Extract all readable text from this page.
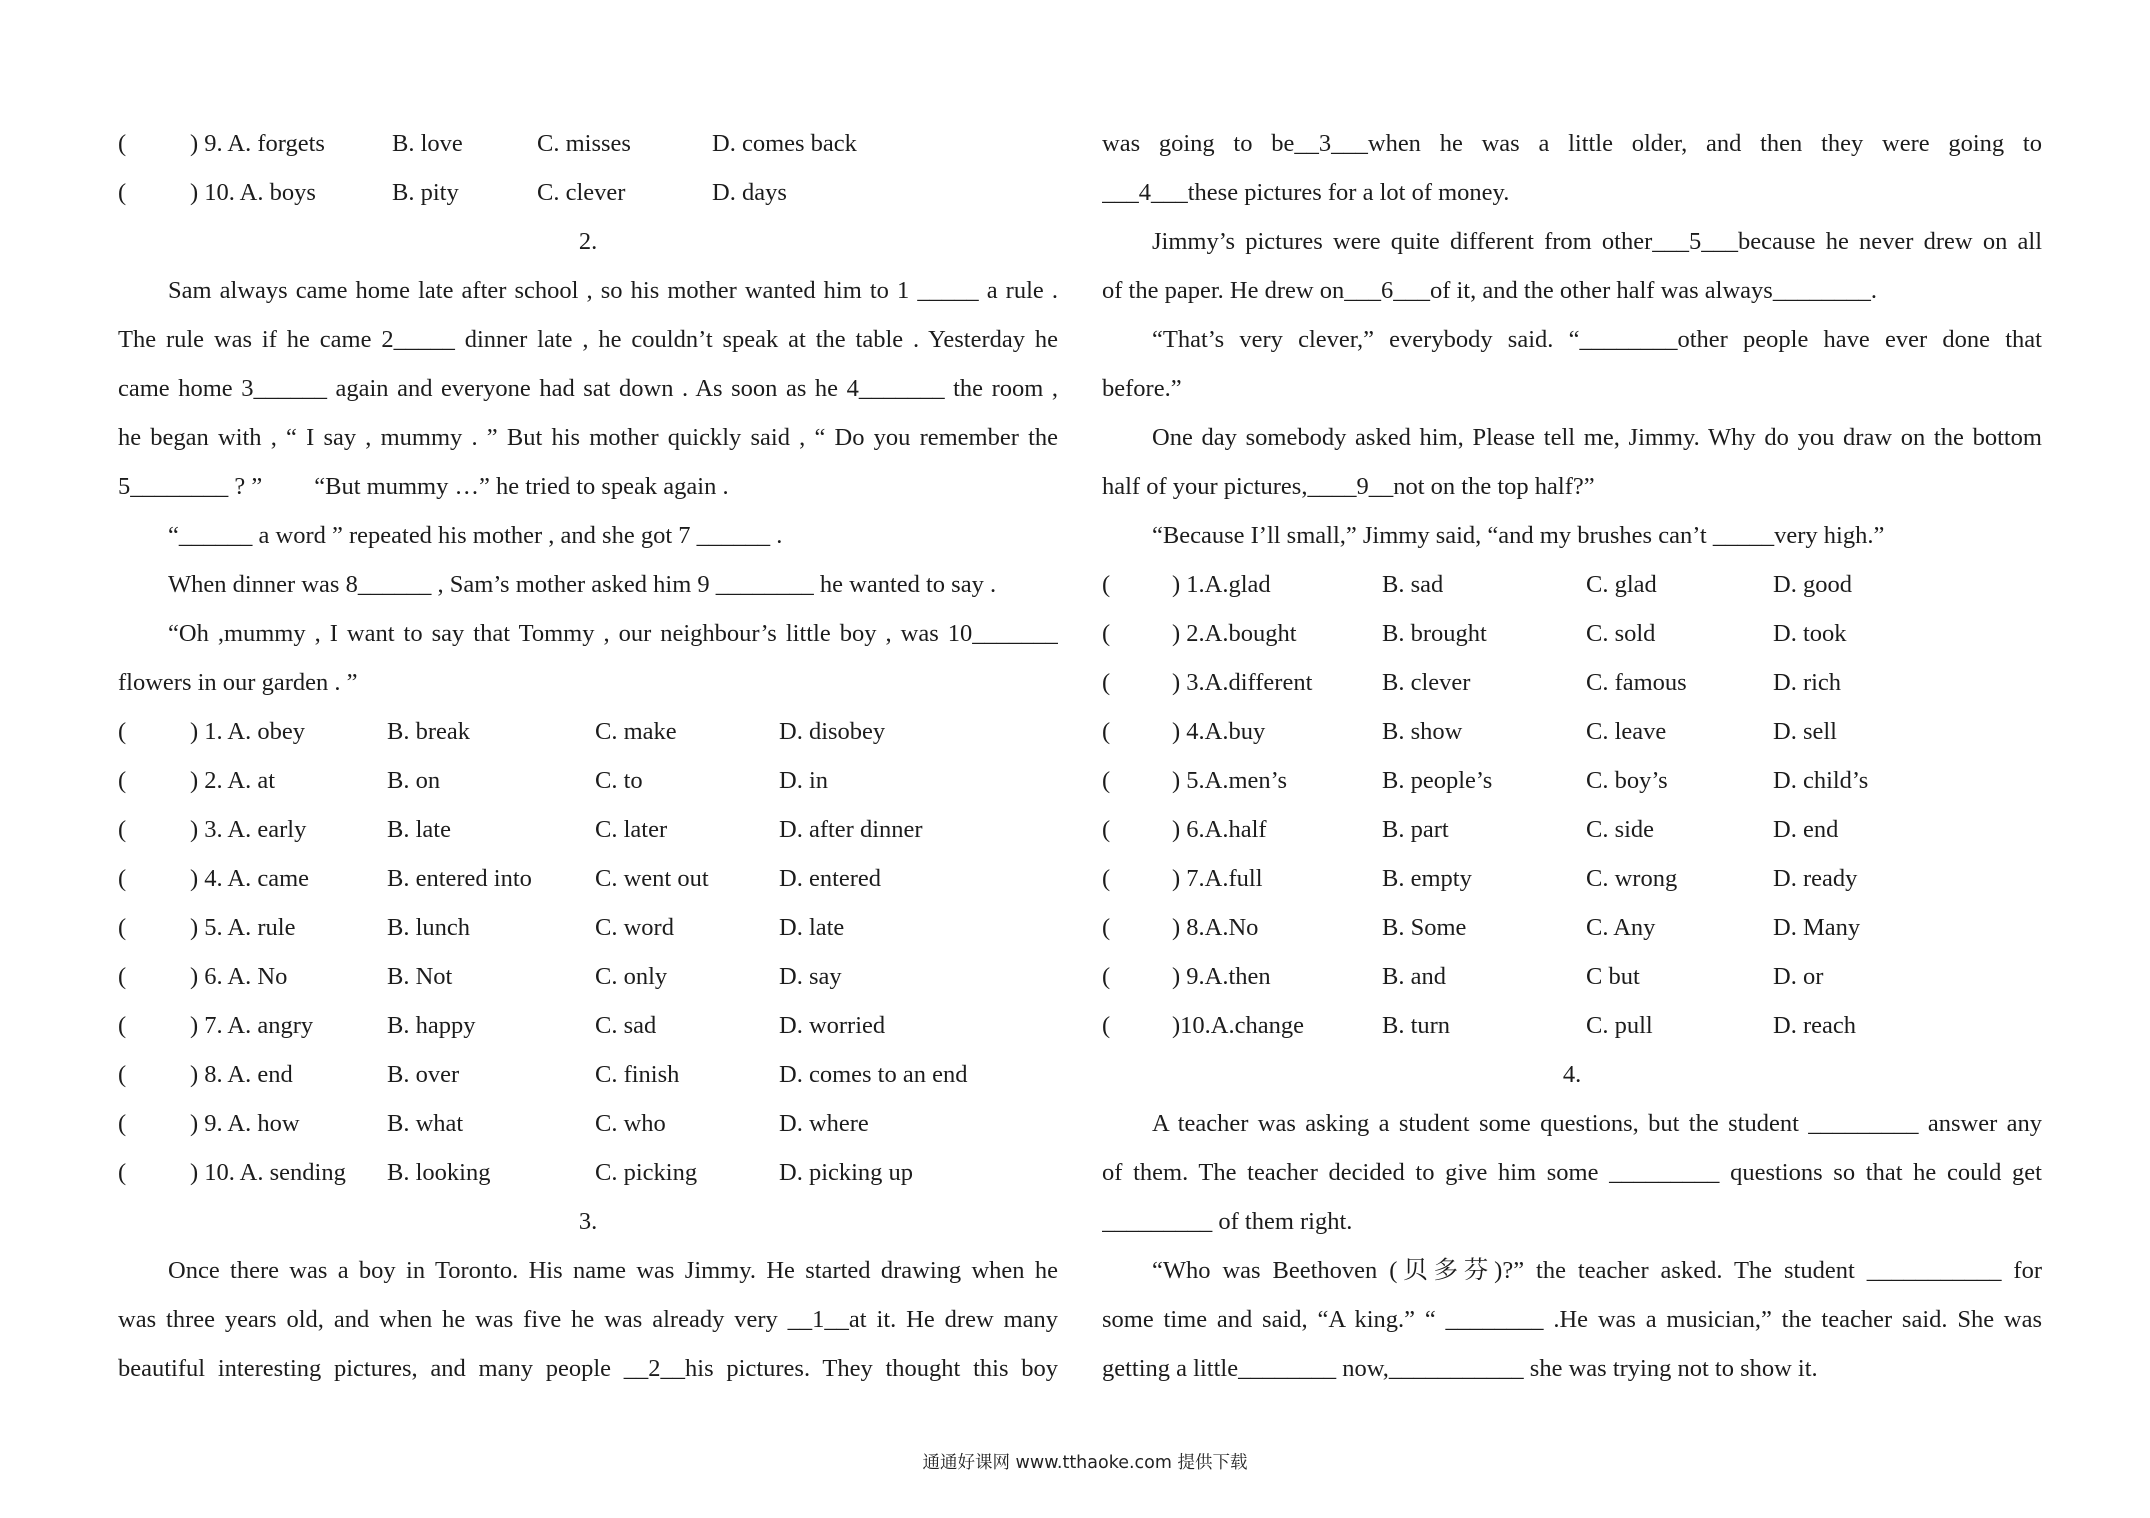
(	) 9. A. forgets	B. love	C. misses	D. comes back
(	) 10. A. boys	B. pity	C. clever	D. days
2.
Sam always came home late after school , so his mother wanted him to 1 _____ a rule .
The rule was if he came 2_____ dinner late , he couldn’t speak at the table . Yesterday he
came home 3______ again and everyone had sat down . As soon as he 4_______ the room ,
he began with , “ I say , mummy . ” But his mother quickly said , “ Do you remember the
5________ ? ” “But mummy …” he tried to speak again .
“______ a word ” repeated his mother , and she got 7 ______ .
When dinner was 8______ , Sam’s mother asked him 9 ________ he wanted to say .
“Oh ,mummy , I want to say that Tommy , our neighbour’s little boy , was 10_______
flowers in our garden . ”
(	) 1. A. obey	B. break	C. make	D. disobey
(	) 2. A. at	B. on	C. to	D. in
(	) 3. A. early	B. late	C. later	D. after dinner
(	) 4. A. came	B. entered into	C. went out	D. entered
(	) 5. A. rule	B. lunch	C. word	D. late
(	) 6. A. No	B. Not	C. only	D. say
(	) 7. A. angry	B. happy	C. sad	D. worried
(	) 8. A. end	B. over	C. finish	D. comes to an end
(	) 9. A. how	B. what	C. who	D. where
(	) 10. A. sending B. looking	C. picking	D. picking up
3.
Once there was a boy in Toronto. His name was Jimmy. He started drawing when he
was three years old, and when he was five he was already very __1__at it. He drew many
beautiful interesting pictures, and many people __2__his pictures. They thought this boy
was going to be__3___when he was a little older, and then they were going to
___4___these pictures for a lot of money.
Jimmy’s pictures were quite different from other___5___because he never drew on all
of the paper. He drew on___6___of it, and the other half was always________.
“That’s very clever,” everybody said. “________other people have ever done that
before.”
One day somebody asked him, Please tell me, Jimmy. Why do you draw on the bottom
half of your pictures,____9__not on the top half?”
“Because I’ll small,” Jimmy said, “and my brushes can’t _____very high.”
(	) 1.A.glad	B. sad	C. glad	D. good
(	) 2.A.bought	B. brought	C. sold	D. took
(	) 3.A.different	B. clever	C. famous	D. rich
(	) 4.A.buy	B. show	C. leave	D. sell
(	) 5.A.men’s	B. people’s	C. boy’s	D. child’s
(	) 6.A.half	B. part	C. side	D. end
(	) 7.A.full	B. empty	C. wrong	D. ready
(	) 8.A.No	B. Some	C. Any	D. Many
(	) 9.A.then	B. and	C but	D. or
(	)10.A.change	B. turn	C. pull	D. reach
4.
A teacher was asking a student some questions, but the student _________ answer any
of them. The teacher decided to give him some _________ questions so that he could get
_________ of them right.
“Who was Beethoven (贝多芬)?” the teacher asked. The student ___________ for
some time and said, “A king.” “ ________ .He was a musician,” the teacher said. She was
getting a little________ now,___________ she was trying not to show it.
通通好课网 www.tthaoke.com 提供下载
